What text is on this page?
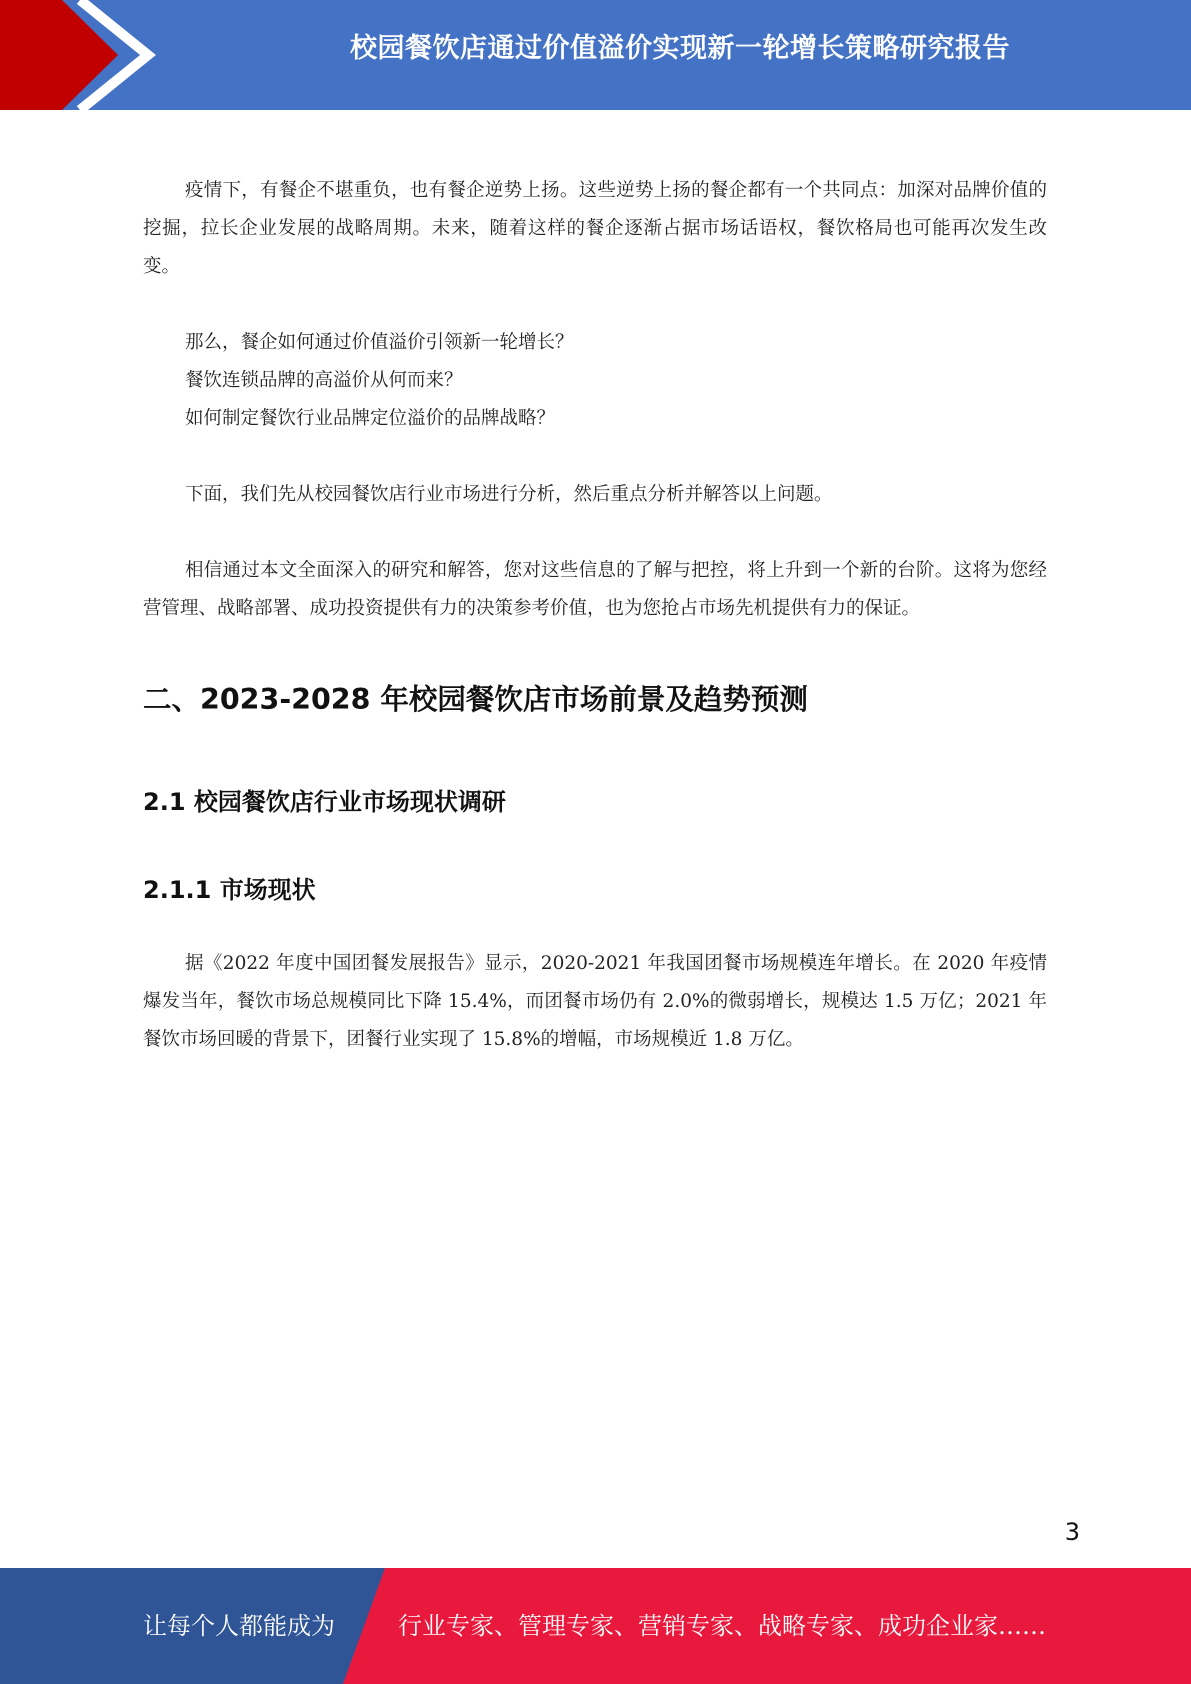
校园餐饮店通过价值溢价实现新一轮增长策略研究报告

疫情下，有餐企不堪重负，也有餐企逆势上扬。这些逆势上扬的餐企都有一个共同点：加深对品牌价值的挖掘，拉长企业发展的战略周期。未来，随着这样的餐企逐渐占据市场话语权，餐饮格局也可能再次发生改变。

那么，餐企如何通过价值溢价引领新一轮增长？

餐饮连锁品牌的高溢价从何而来？

如何制定餐饮行业品牌定位溢价的品牌战略？

下面，我们先从校园餐饮店行业市场进行分析，然后重点分析并解答以上问题。

相信通过本文全面深入的研究和解答，您对这些信息的了解与把控，将上升到一个新的台阶。这将为您经营管理、战略部署、成功投资提供有力的决策参考价值，也为您抢占市场先机提供有力的保证。

二、2023-2028 年校园餐饮店市场前景及趋势预测
2.1 校园餐饮店行业市场现状调研
2.1.1 市场现状

据《2022 年度中国团餐发展报告》显示，2020-2021 年我国团餐市场规模连年增长。在 2020 年疫情爆发当年，餐饮市场总规模同比下降 15.4%，而团餐市场仍有 2.0%的微弱增长，规模达 1.5 万亿；2021 年餐饮市场回暖的背景下，团餐行业实现了 15.8%的增幅，市场规模近 1.8 万亿。

3
让每个人都能成为	行业专家、管理专家、营销专家、战略专家、成功企业家……
